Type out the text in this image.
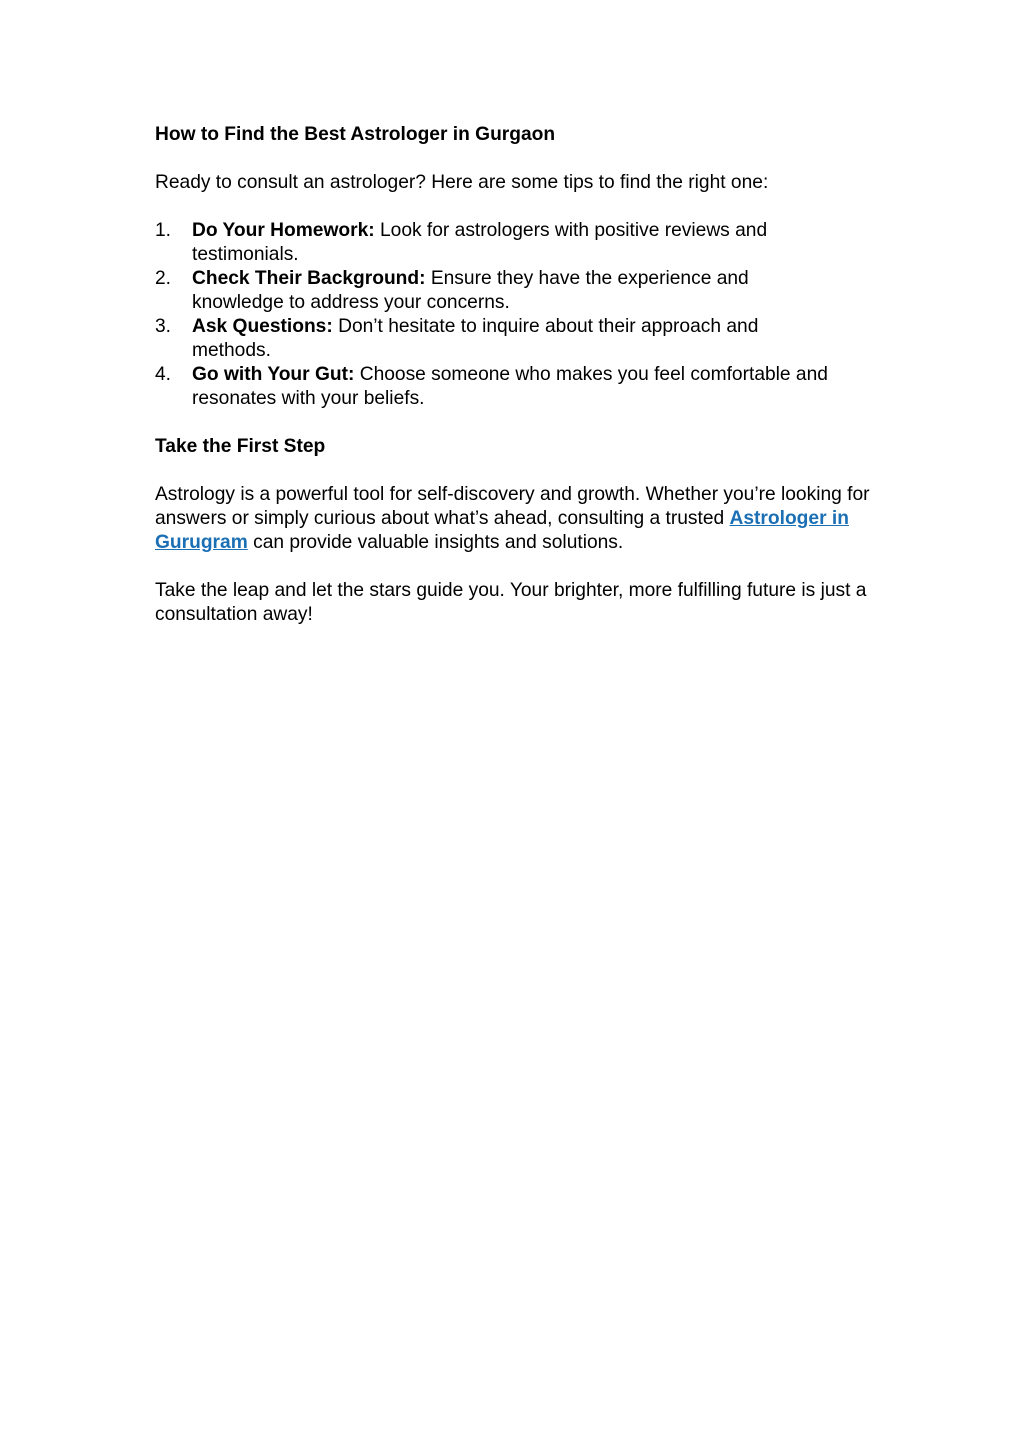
How to Find the Best Astrologer in Gurgaon

Ready to consult an astrologer? Here are some tips to find the right one:

1.	Do Your Homework: Look for astrologers with positive reviews and testimonials.
2.	Check Their Background: Ensure they have the experience and knowledge to address your concerns.
3.	Ask Questions: Don’t hesitate to inquire about their approach and methods.
4.	Go with Your Gut: Choose someone who makes you feel comfortable and resonates with your beliefs.
Take the First Step

Astrology is a powerful tool for self-discovery and growth. Whether you’re looking for answers or simply curious about what’s ahead, consulting a trusted Astrologer in Gurugram can provide valuable insights and solutions.

Take the leap and let the stars guide you. Your brighter, more fulfilling future is just a consultation away!
